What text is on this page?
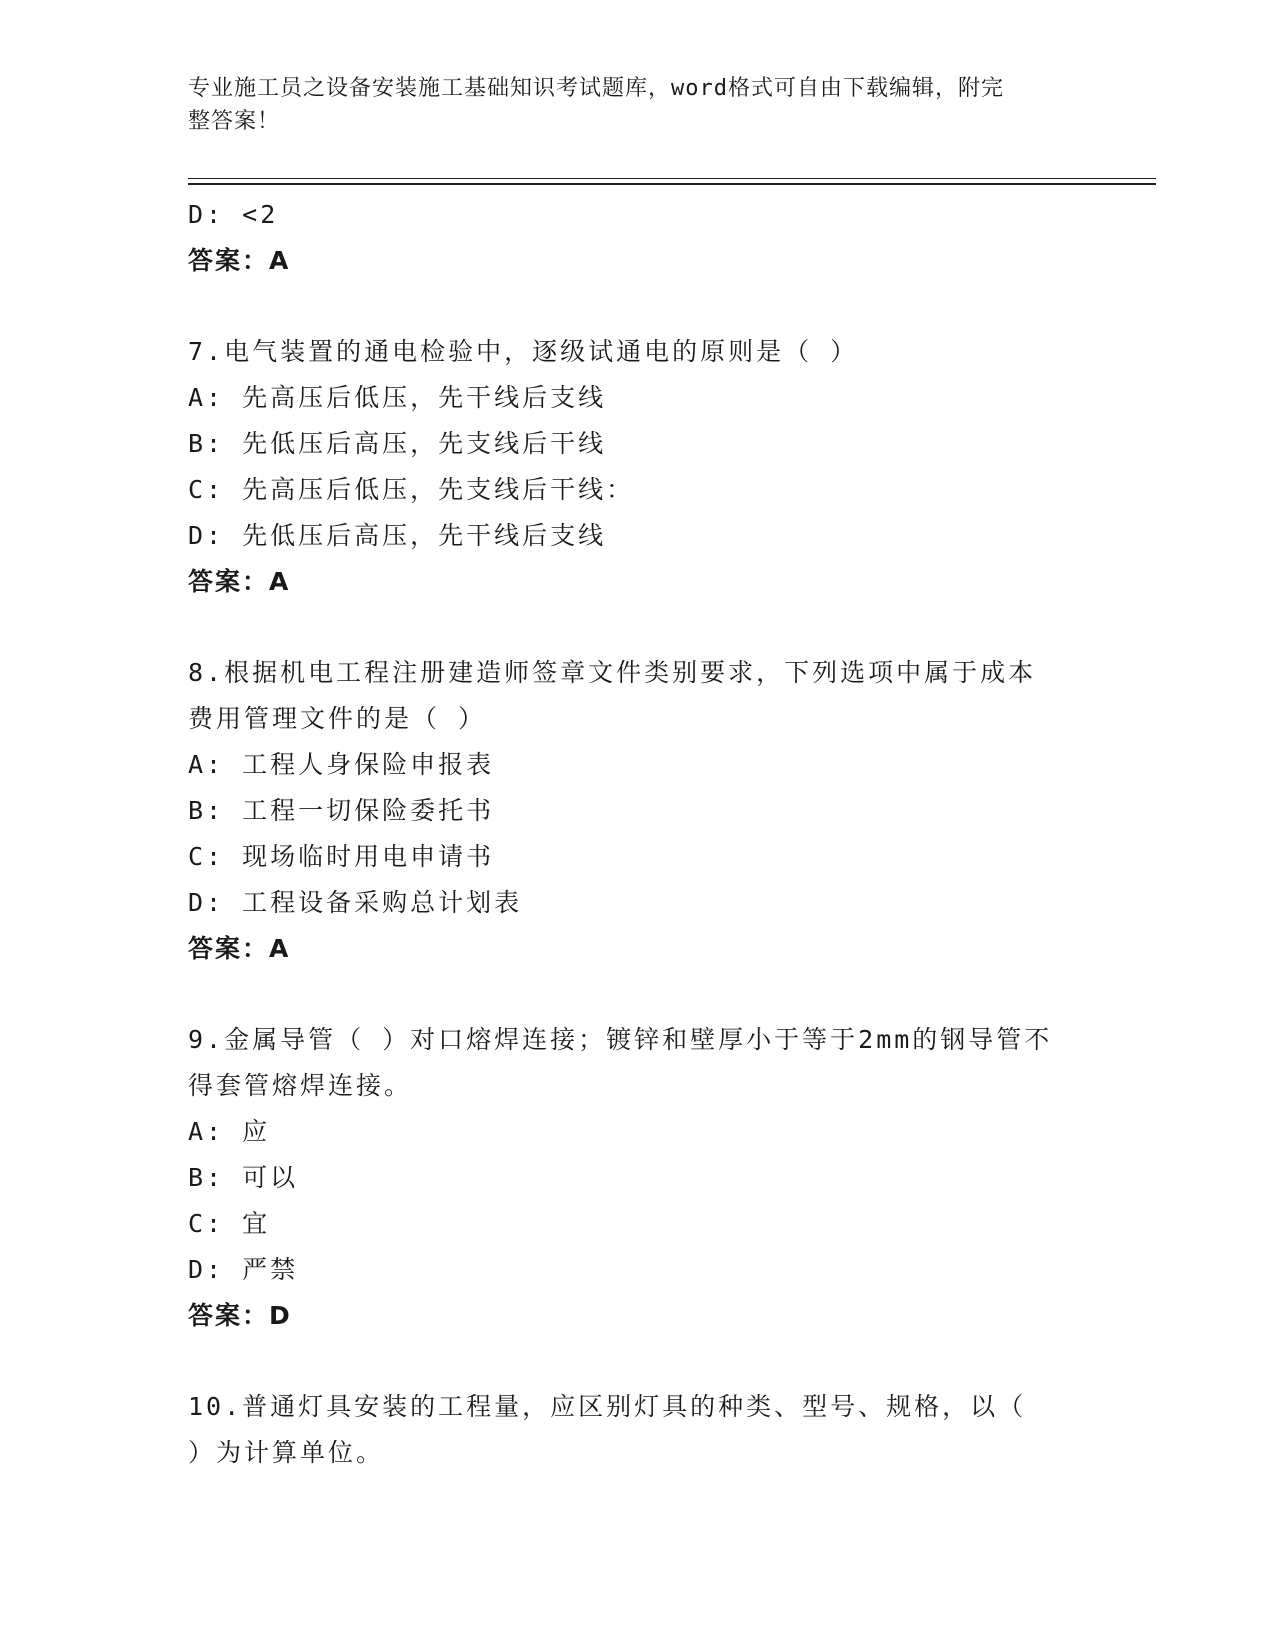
专业施工员之设备安装施工基础知识考试题库，word格式可自由下载编辑，附完
整答案！
D: <2
答案：A
7.电气装置的通电检验中，逐级试通电的原则是（ ）
A: 先高压后低压，先干线后支线
B: 先低压后高压，先支线后干线
C: 先高压后低压，先支线后干线：
D: 先低压后高压，先干线后支线
答案：A
8.根据机电工程注册建造师签章文件类别要求，下列选项中属于成本
费用管理文件的是（ ）
A: 工程人身保险申报表
B: 工程一切保险委托书
C: 现场临时用电申请书
D: 工程设备采购总计划表
答案：A
9.金属导管（ ）对口熔焊连接；镀锌和壁厚小于等于2mm的钢导管不
得套管熔焊连接。
A: 应
B: 可以
C: 宜
D: 严禁
答案：D
10.普通灯具安装的工程量，应区别灯具的种类、型号、规格，以（
）为计算单位。
